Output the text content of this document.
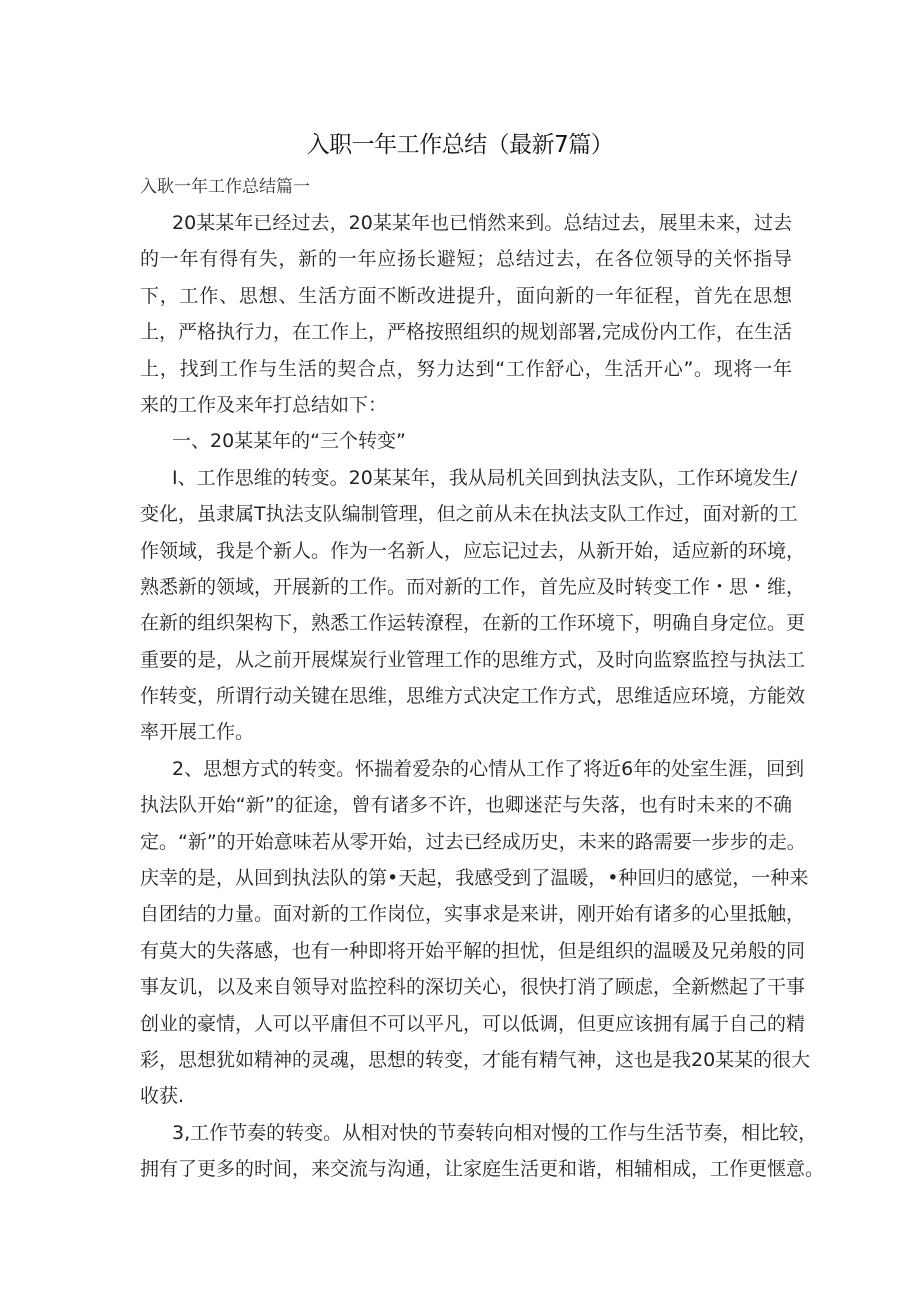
入职一年工作总结（最新7篇）
入耿一年工作总结篇一
20某某年已经过去，20某某年也已悄然来到。总结过去，展里未来，过去
的一年有得有失，新的一年应扬长避短；总结过去，在各位领导的关怀指导
下，工作、思想、生活方面不断改进提升，面向新的一年征程，首先在思想
上，严格执行力，在工作上，严格按照组织的规划部署,完成份内工作，在生活
上，找到工作与生活的契合点，努力达到“工作舒心，生活开心”。现将一年
来的工作及来年打总结如下：
一、20某某年的“三个转变”
I、工作思维的转变。20某某年，我从局机关回到执法支队，工作环境发生/
变化，虽隶属T执法支队编制管理，但之前从未在执法支队工作过，面对新的工
作领域，我是个新人。作为一名新人，应忘记过去，从新开始，适应新的环境，
熟悉新的领域，开展新的工作。而对新的工作，首先应及时转变工作・思・维，
在新的组织架构下，熟悉工作运转潦程，在新的工作环境下，明确自身定位。更
重要的是，从之前开展煤炭行业管理工作的思维方式，及时向监察监控与执法工
作转变，所谓行动关键在思维，思维方式决定工作方式，思维适应环境，方能效
率开展工作。
2、思想方式的转变。怀揣着爱杂的心情从工作了将近6年的处室生涯，回到
执法队开始“新”的征途，曾有诸多不许，也卿迷茫与失落，也有时未来的不确
定。“新”的开始意味若从零开始，过去已经成历史，未来的路需要一步步的走。
庆幸的是，从回到执法队的第•天起，我感受到了温暖，•种回归的感觉，一种来
自团结的力量。面对新的工作岗位，实事求是来讲，刚开始有诸多的心里抵触，
有莫大的失落感，也有一种即将开始平解的担忧，但是组织的温暖及兄弟般的同
事友讥，以及来自领导对监控科的深切关心，很快打消了顾虑，全新燃起了干事
创业的豪情，人可以平庸但不可以平凡，可以低调，但更应该拥有属于自己的精
彩，思想犹如精神的灵魂，思想的转变，才能有精气神，这也是我20某某的很大
收获.
3,工作节奏的转变。从相对快的节奏转向相对慢的工作与生活节奏，相比较，
拥有了更多的时间，来交流与沟通，让家庭生活更和谐，相辅相成，工作更惬意。
